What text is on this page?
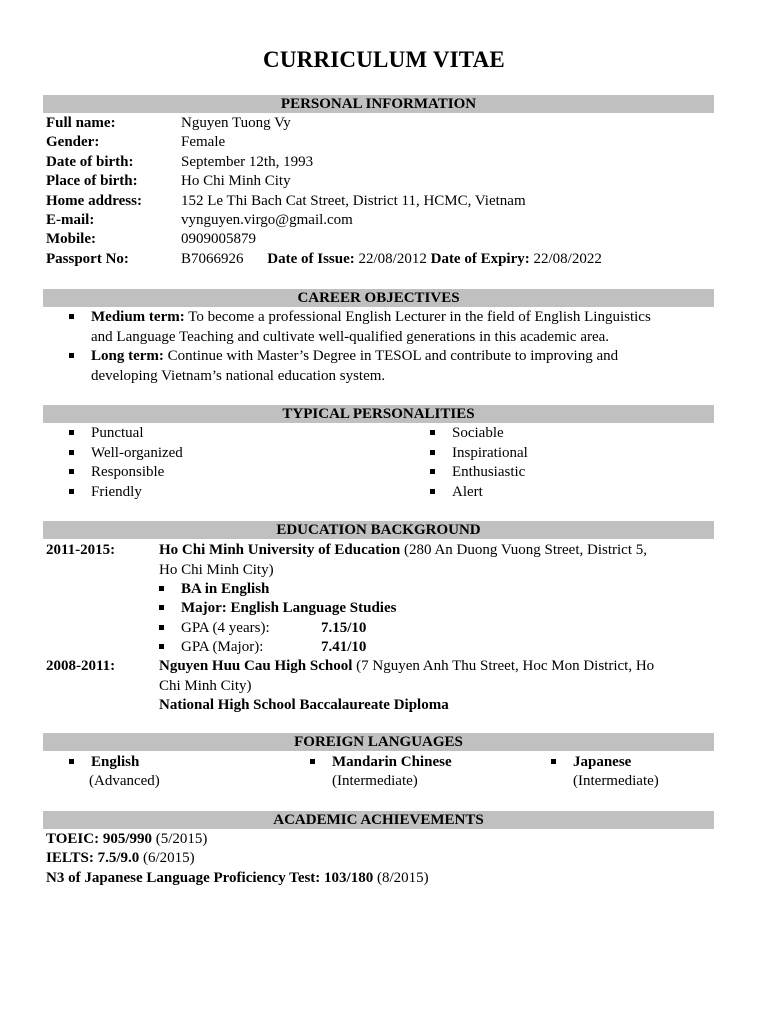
CURRICULUM VITAE
PERSONAL INFORMATION
Full name:	Nguyen Tuong Vy
Gender:	Female
Date of birth:	September 12th, 1993
Place of birth:	Ho Chi Minh City
Home address:	152 Le Thi Bach Cat Street, District 11, HCMC, Vietnam
E-mail:	vynguyen.virgo@gmail.com
Mobile:	0909005879
Passport No:	B7066926 Date of Issue: 22/08/2012 Date of Expiry: 22/08/2022
CAREER OBJECTIVES
Medium term: To become a professional English Lecturer in the field of English Linguistics
and Language Teaching and cultivate well-qualified generations in this academic area.
Long term: Continue with Master’s Degree in TESOL and contribute to improving and
developing Vietnam’s national education system.
TYPICAL PERSONALITIES
Punctual
Well-organized
Responsible
Friendly
Sociable
Inspirational
Enthusiastic
Alert
EDUCATION BACKGROUND
2011-2015:	Ho Chi Minh University of Education (280 An Duong Vuong Street, District 5,
Ho Chi Minh City)
BA in English
Major: English Language Studies
GPA (4 years):	7.15/10
GPA (Major):	7.41/10
2008-2011:	Nguyen Huu Cau High School (7 Nguyen Anh Thu Street, Hoc Mon District, Ho
Chi Minh City)
National High School Baccalaureate Diploma
FOREIGN LANGUAGES
English
(Advanced)
Mandarin Chinese
(Intermediate)
Japanese
(Intermediate)
ACADEMIC ACHIEVEMENTS
TOEIC: 905/990 (5/2015)
IELTS: 7.5/9.0 (6/2015)
N3 of Japanese Language Proficiency Test: 103/180 (8/2015)
